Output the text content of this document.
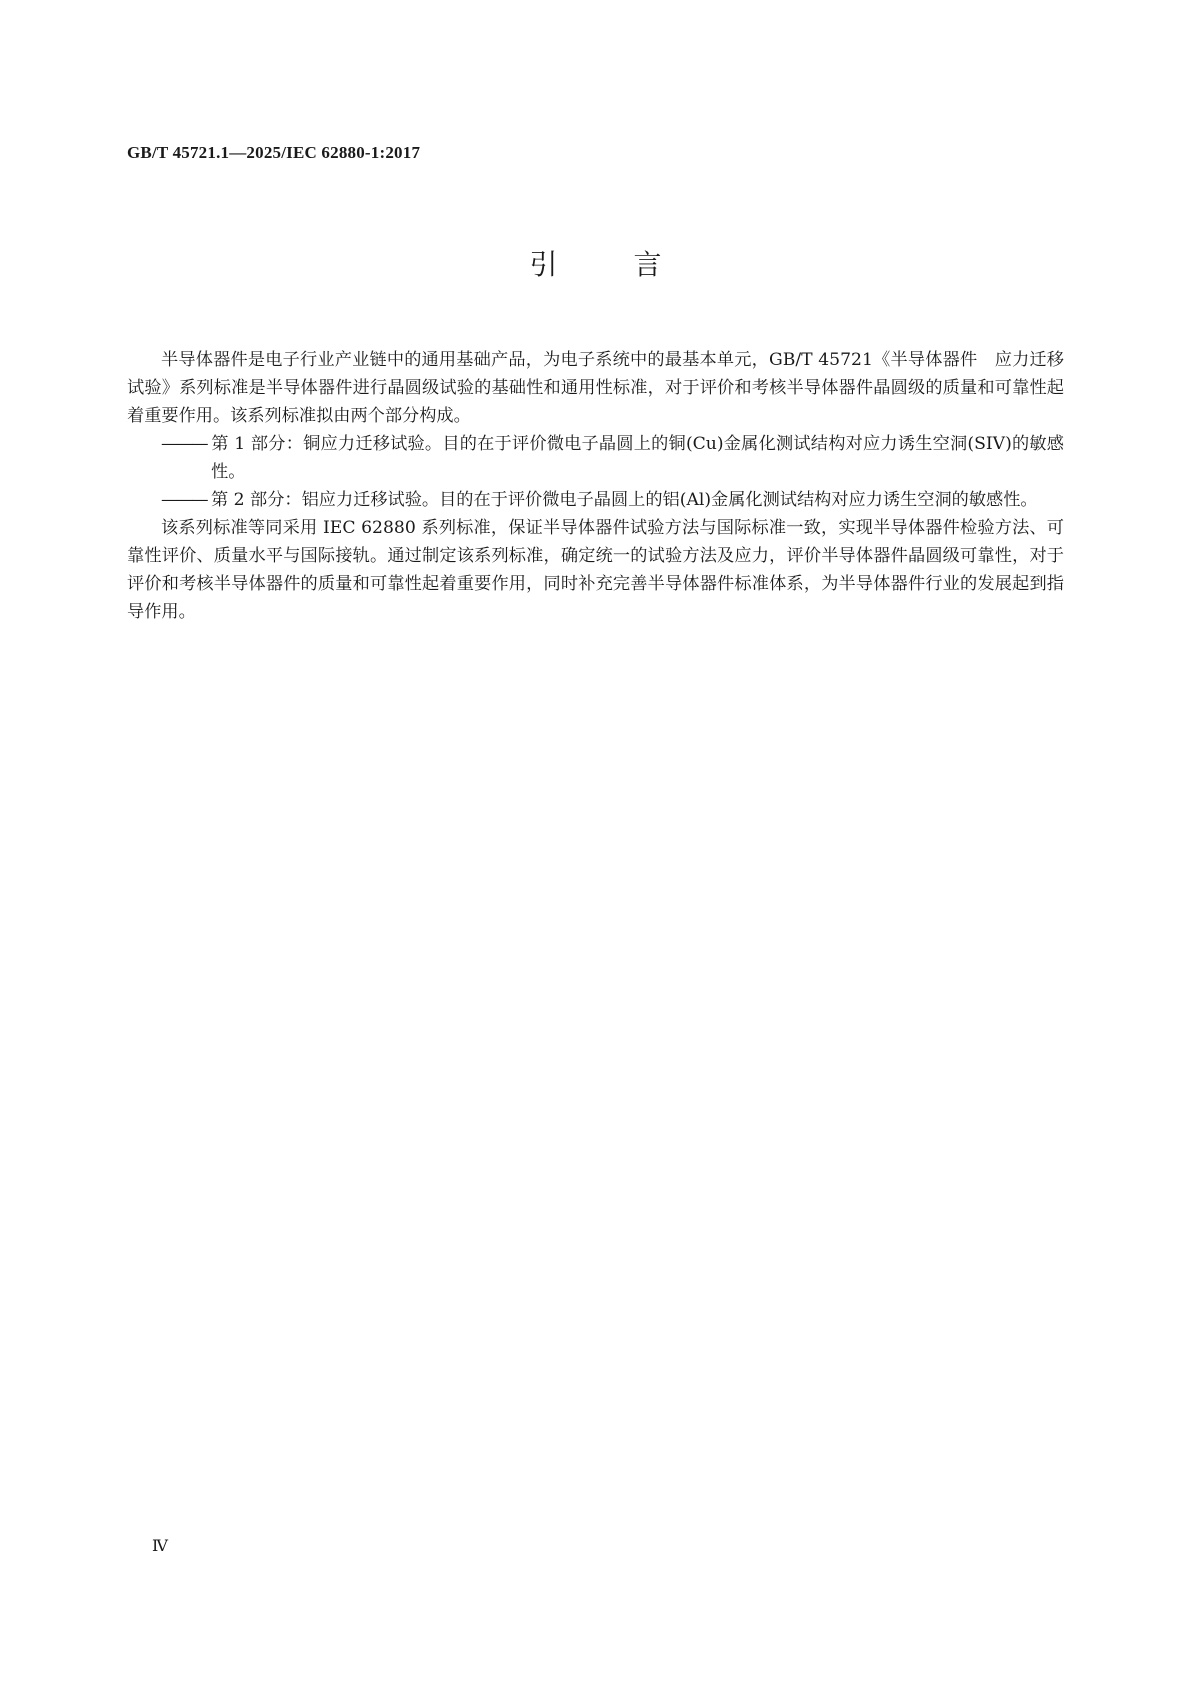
GB/T 45721.1—2025/IEC 62880-1:2017
引	言

半导体器件是电子行业产业链中的通用基础产品，为电子系统中的最基本单元，GB/T 45721《半导体器件　应力迁移试验》系列标准是半导体器件进行晶圆级试验的基础性和通用性标准，对于评价和考核半导体器件晶圆级的质量和可靠性起着重要作用。该系列标准拟由两个部分构成。

——— 第 1 部分：铜应力迁移试验。目的在于评价微电子晶圆上的铜(Cu)金属化测试结构对应力诱生空洞(SIV)的敏感性。

——— 第 2 部分：铝应力迁移试验。目的在于评价微电子晶圆上的铝(Al)金属化测试结构对应力诱生空洞的敏感性。

该系列标准等同采用 IEC 62880 系列标准，保证半导体器件试验方法与国际标准一致，实现半导体器件检验方法、可靠性评价、质量水平与国际接轨。通过制定该系列标准，确定统一的试验方法及应力，评价半导体器件晶圆级可靠性，对于评价和考核半导体器件的质量和可靠性起着重要作用，同时补充完善半导体器件标准体系，为半导体器件行业的发展起到指导作用。

Ⅳ
